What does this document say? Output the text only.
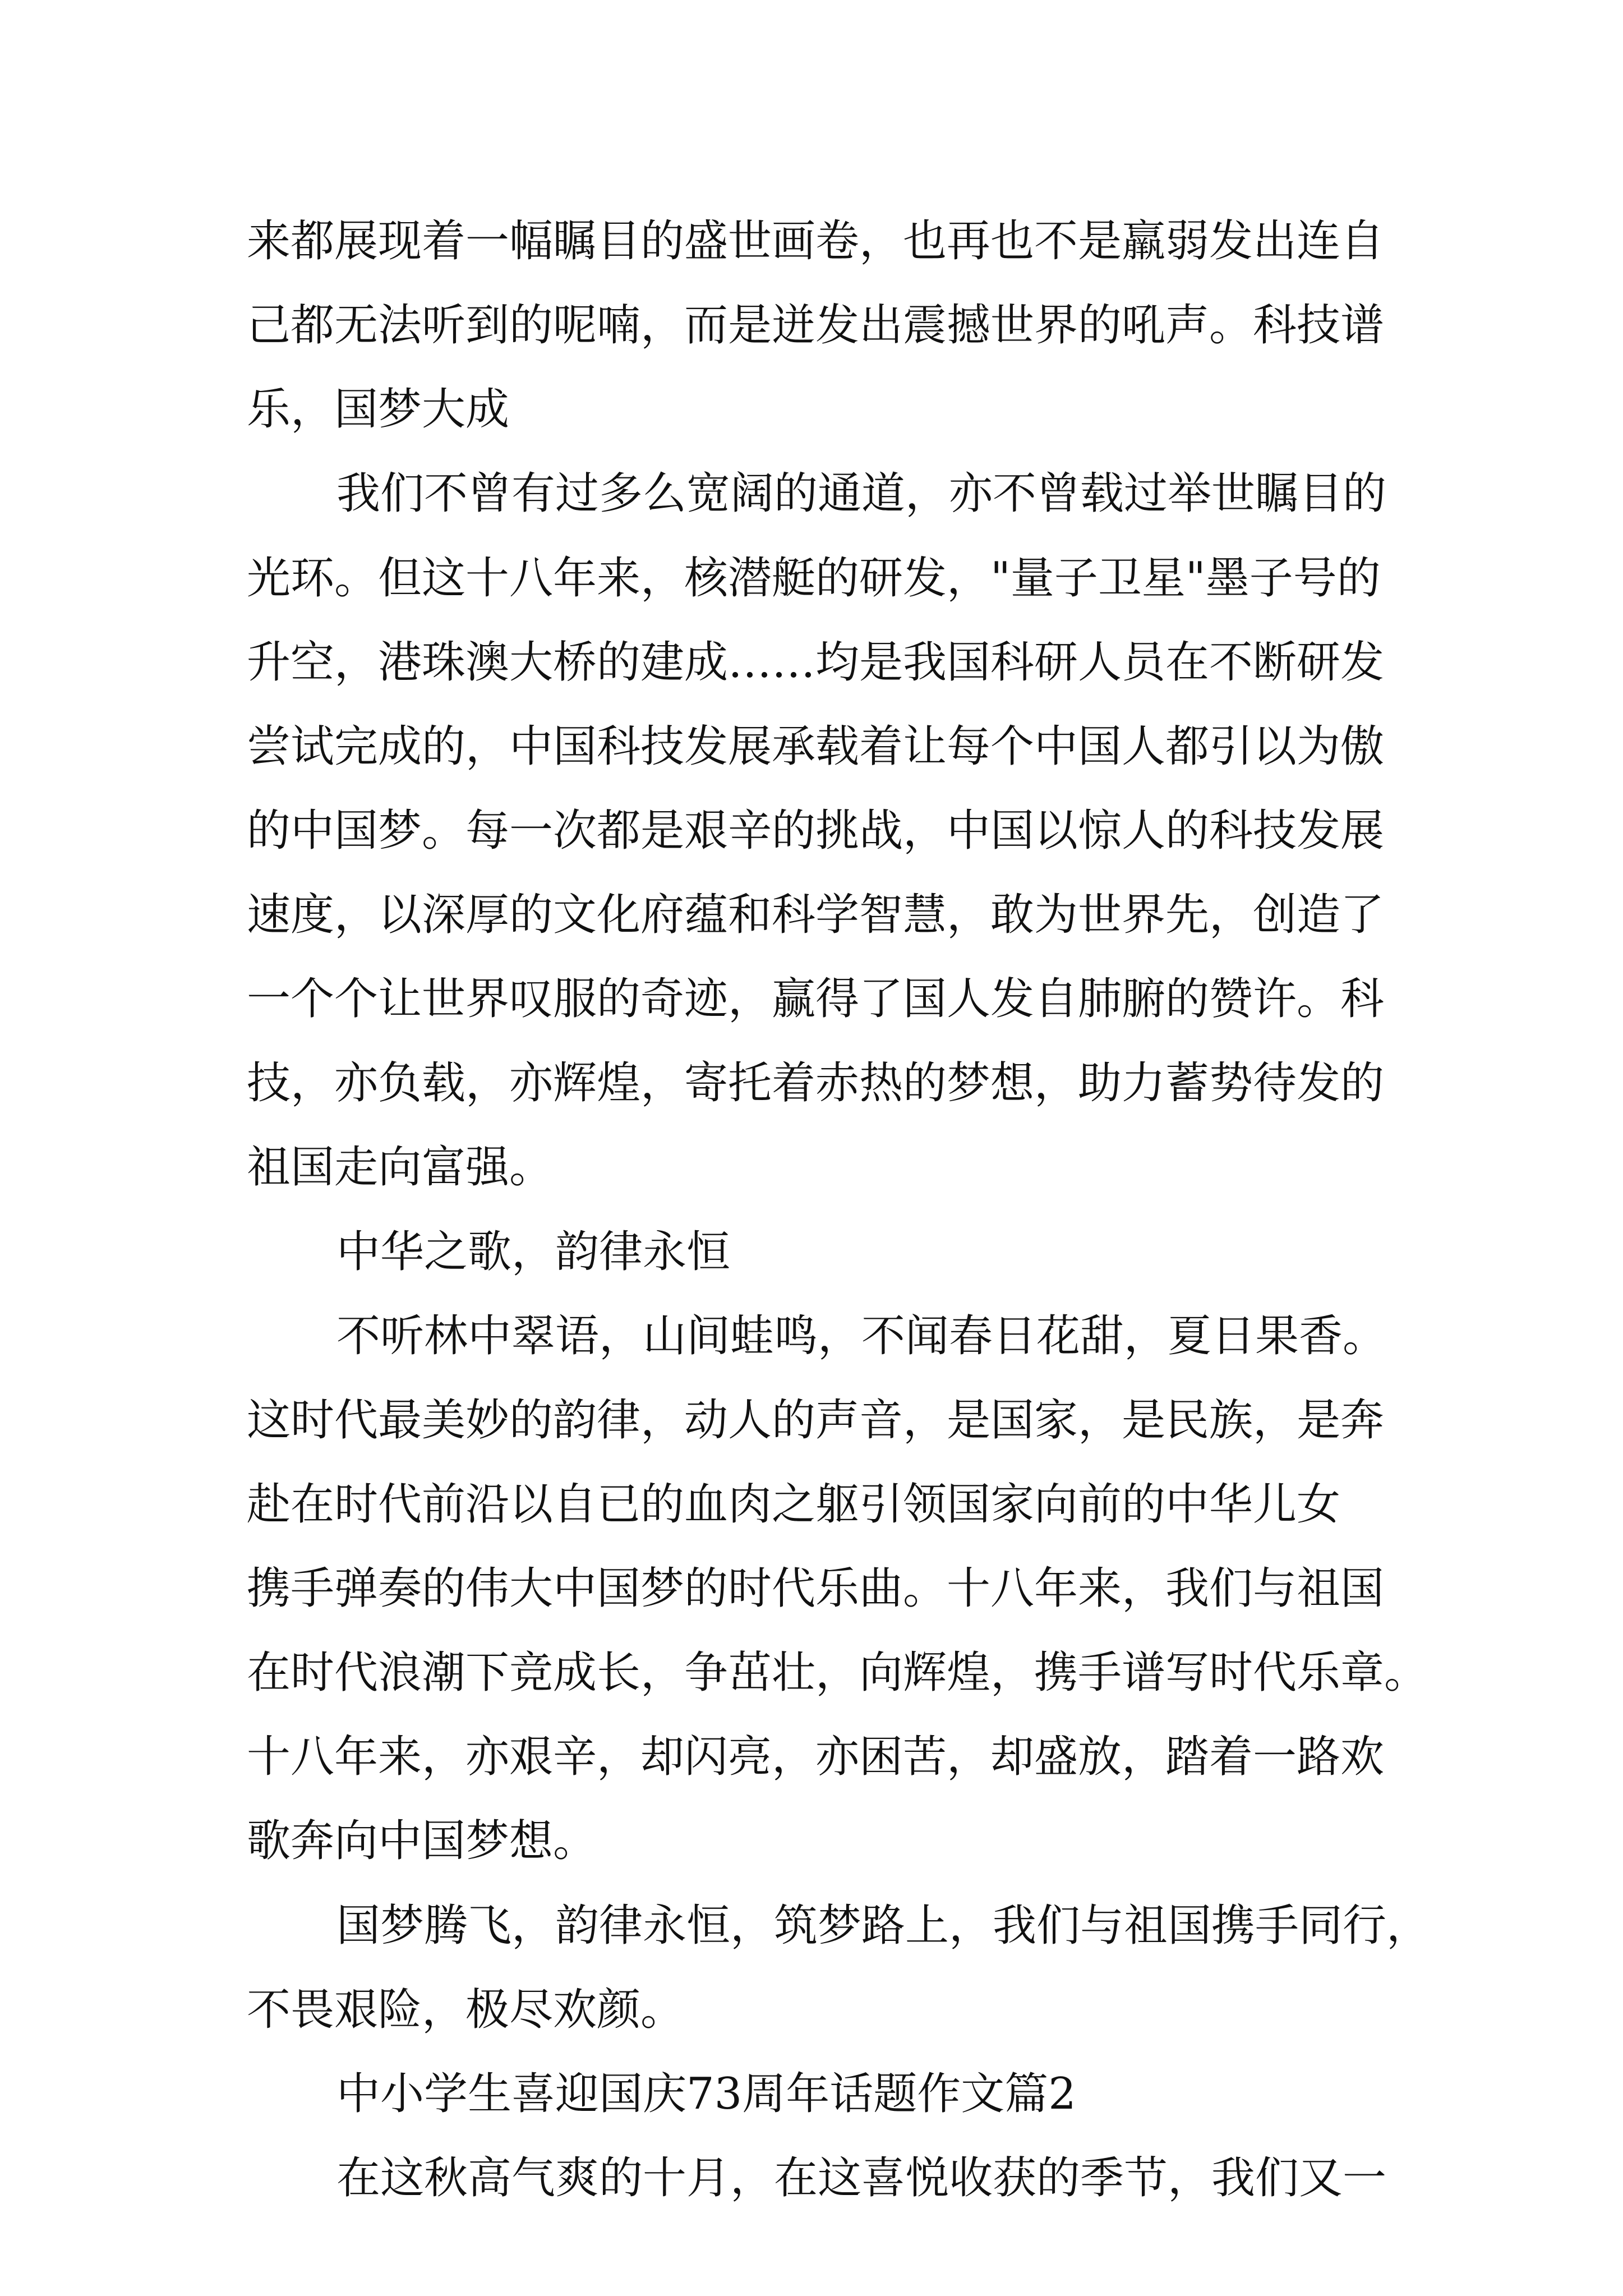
来都展现着一幅瞩目的盛世画卷，也再也不是羸弱发出连自

己都无法听到的呢喃，而是迸发出震撼世界的吼声。科技谱

乐，国梦大成

我们不曾有过多么宽阔的通道，亦不曾载过举世瞩目的

光环。但这十八年来，核潜艇的研发，"量子卫星"墨子号的

升空，港珠澳大桥的建成……均是我国科研人员在不断研发

尝试完成的，中国科技发展承载着让每个中国人都引以为傲

的中国梦。每一次都是艰辛的挑战，中国以惊人的科技发展

速度，以深厚的文化府蕴和科学智慧，敢为世界先，创造了

一个个让世界叹服的奇迹，赢得了国人发自肺腑的赞许。科

技，亦负载，亦辉煌，寄托着赤热的梦想，助力蓄势待发的

祖国走向富强。

中华之歌，韵律永恒

不听林中翠语，山间蛙鸣，不闻春日花甜，夏日果香。

这时代最美妙的韵律，动人的声音，是国家，是民族，是奔

赴在时代前沿以自已的血肉之躯引领国家向前的中华儿女

携手弹奏的伟大中国梦的时代乐曲。十八年来，我们与祖国

在时代浪潮下竞成长，争茁壮，向辉煌，携手谱写时代乐章。

十八年来，亦艰辛，却闪亮，亦困苦，却盛放，踏着一路欢

歌奔向中国梦想。

国梦腾飞，韵律永恒，筑梦路上，我们与祖国携手同行，

不畏艰险，极尽欢颜。

中小学生喜迎国庆73周年话题作文篇2

在这秋高气爽的十月，在这喜悦收获的季节，我们又一
